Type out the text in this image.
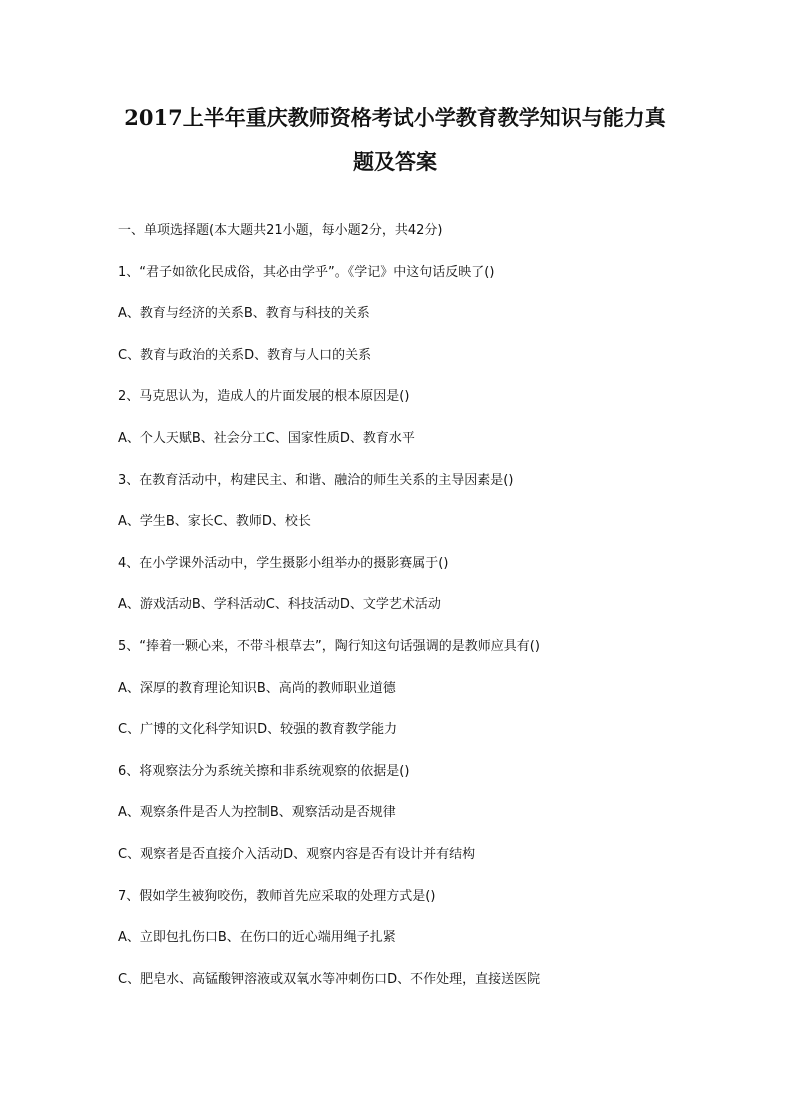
2017上半年重庆教师资格考试小学教育教学知识与能力真
题及答案
一、单项选择题(本大题共21小题，每小题2分，共42分)
1、“君子如欲化民成俗，其必由学乎”。《学记》中这句话反映了()
A、教育与经济的关系B、教育与科技的关系
C、教育与政治的关系D、教育与人口的关系
2、马克思认为，造成人的片面发展的根本原因是()
A、个人天赋B、社会分工C、国家性质D、教育水平
3、在教育活动中，构建民主、和谐、融洽的师生关系的主导因素是()
A、学生B、家长C、教师D、校长
4、在小学课外活动中，学生摄影小组举办的摄影赛属于()
A、游戏活动B、学科活动C、科技活动D、文学艺术活动
5、“捧着一颗心来，不带斗根草去”，陶行知这句话强调的是教师应具有()
A、深厚的教育理论知识B、高尚的教师职业道德
C、广博的文化科学知识D、较强的教育教学能力
6、将观察法分为系统关擦和非系统观察的依据是()
A、观察条件是否人为控制B、观察活动是否规律
C、观察者是否直接介入活动D、观察内容是否有设计并有结构
7、假如学生被狗咬伤，教师首先应采取的处理方式是()
A、立即包扎伤口B、在伤口的近心端用绳子扎紧
C、肥皂水、高锰酸钾溶液或双氧水等冲刺伤口D、不作处理，直接送医院
